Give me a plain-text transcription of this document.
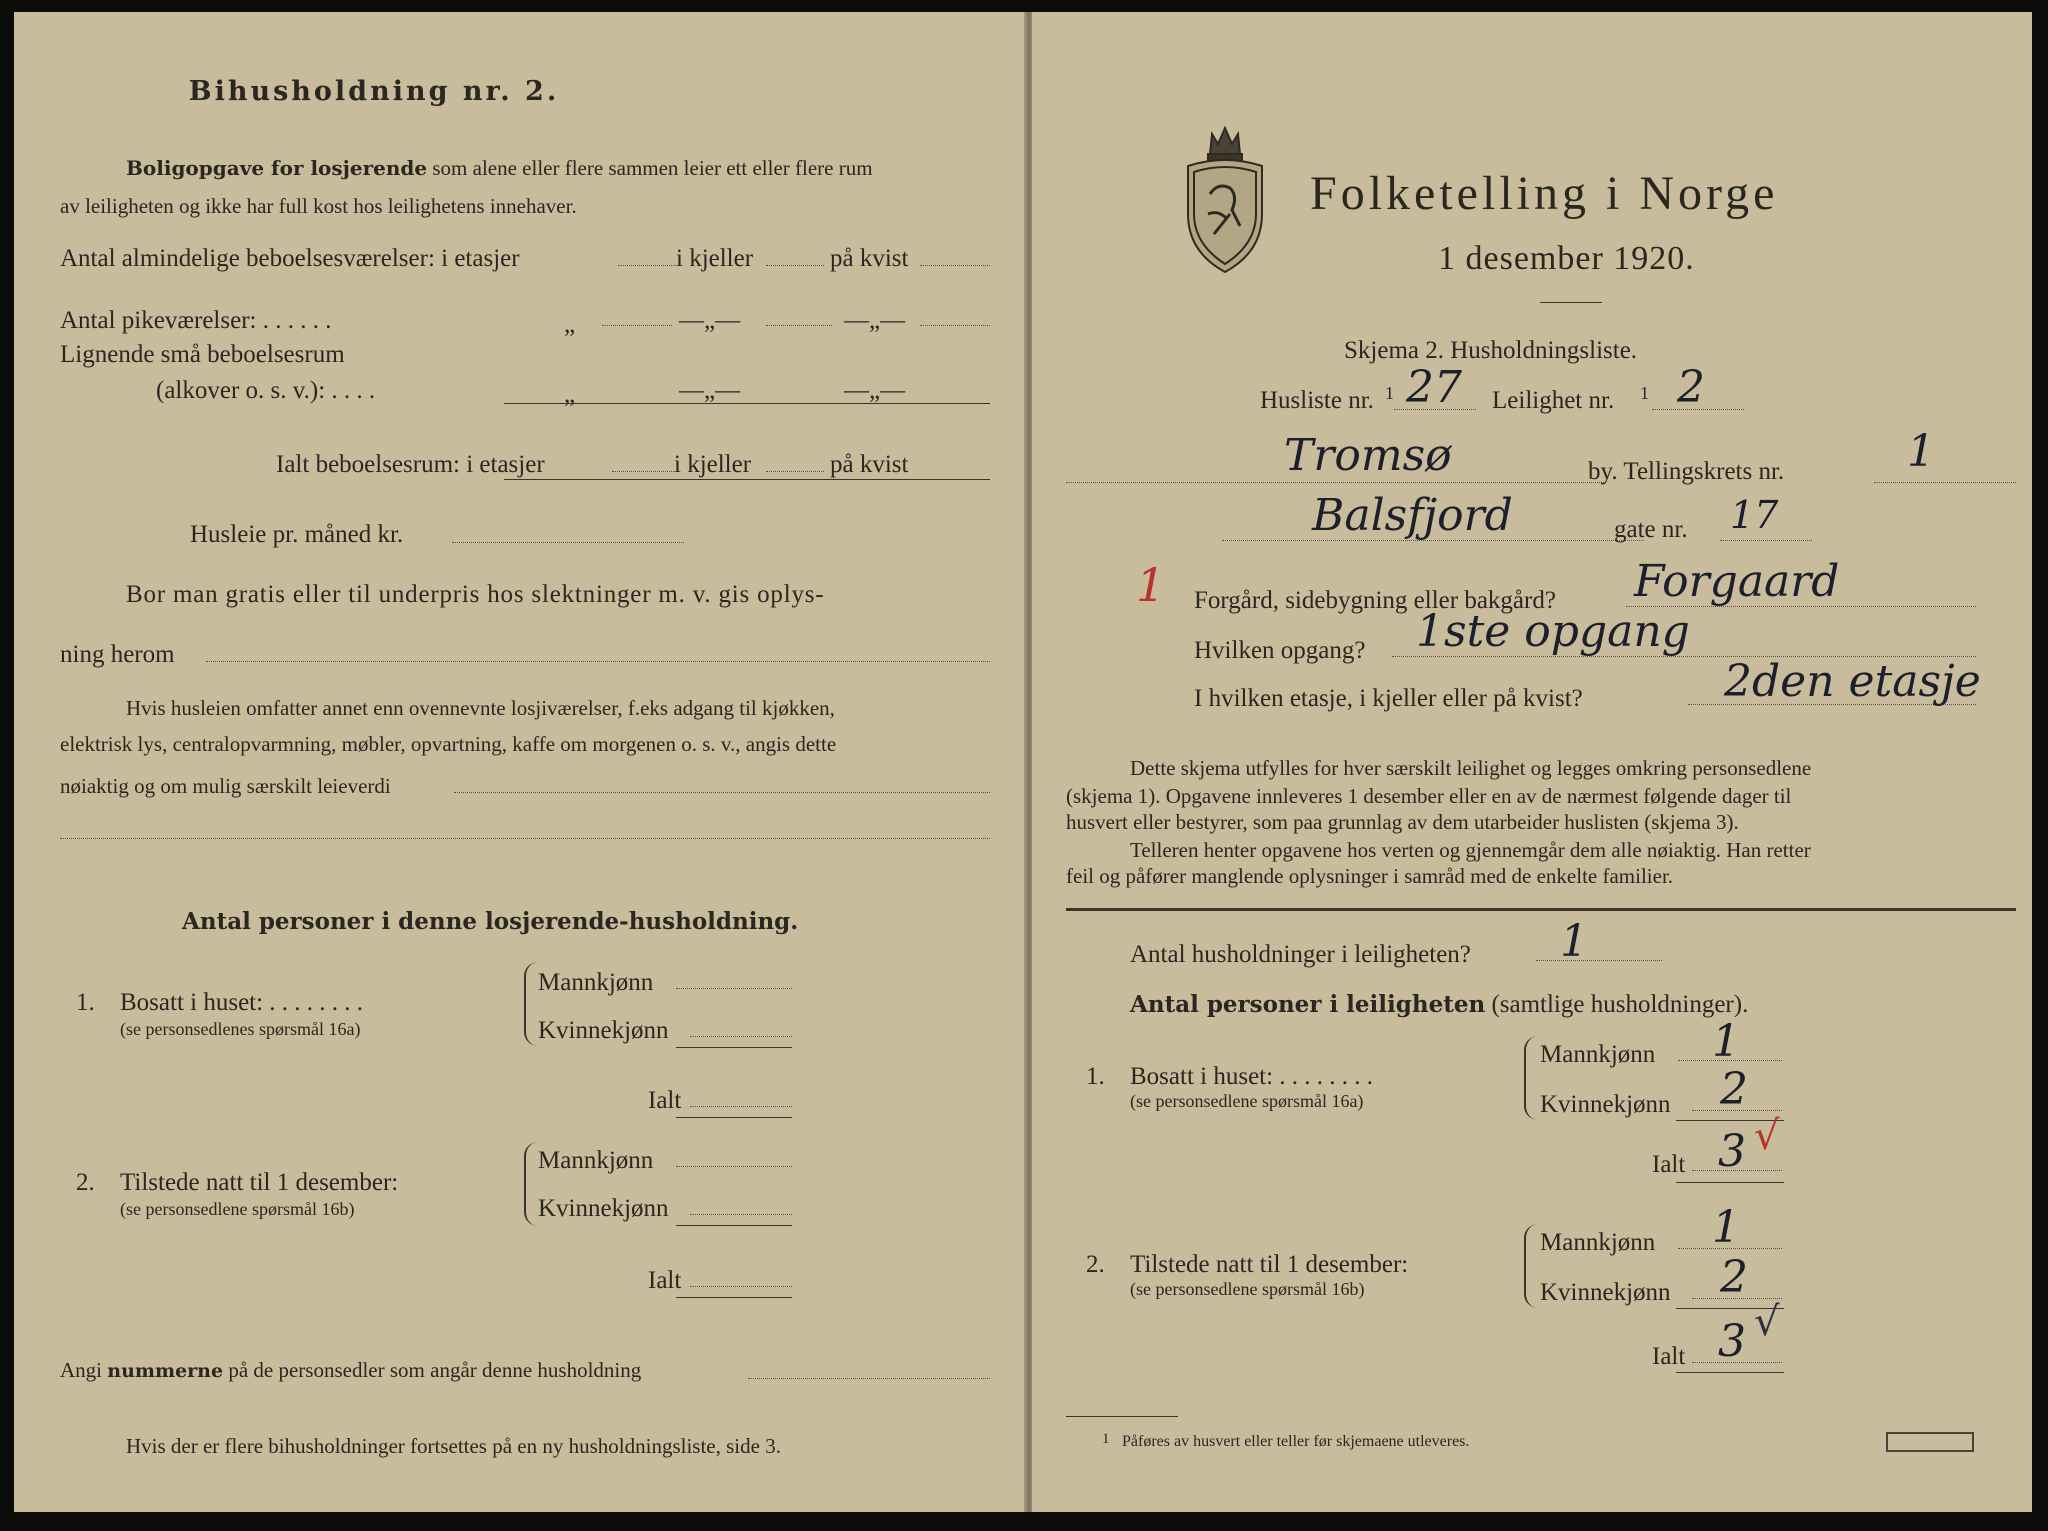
Bihusholdning nr. 2.
Boligopgave for losjerende som alene eller flere sammen leier ett eller flere rum
av leiligheten og ikke har full kost hos leilighetens innehaver.
Antal almindelige beboelsesværelser: i etasjer	i kjeller	på kvist
Antal pikeværelser: . . . . . .	„	—„—	—„—
Lignende små beboelsesrum
(alkover o. s. v.): . . . .	„	—„—	—„—
Ialt beboelsesrum: i etasjer	i kjeller	på kvist
Husleie pr. måned kr.
Bor man gratis eller til underpris hos slektninger m. v. gis oplys-
ning herom
Hvis husleien omfatter annet enn ovennevnte losjiværelser, f.eks adgang til kjøkken,
elektrisk lys, centralopvarmning, møbler, opvartning, kaffe om morgenen o. s. v., angis dette
nøiaktig og om mulig særskilt leieverdi
Antal personer i denne losjerende-husholdning.
1. Bosatt i huset: . . . . . . . .
(se personsedlenes spørsmål 16a)
Mannkjønn
Kvinnekjønn
Ialt
2. Tilstede natt til 1 desember:
(se personsedlene spørsmål 16b)
Mannkjønn
Kvinnekjønn
Ialt
Angi nummerne på de personsedler som angår denne husholdning
Hvis der er flere bihusholdninger fortsettes på en ny husholdningsliste, side 3.
Folketelling i Norge
1 desember 1920.
Skjema 2. Husholdningsliste.
Husliste nr. 1 27 Leilighet nr. 1 2
Tromsø	by. Tellingskrets nr.	1
Balsfjord	gate nr. 17
1 Forgård, sidebygning eller bakgård? Forgaard
Hvilken opgang? 1ste opgang
I hvilken etasje, i kjeller eller på kvist?	2den etasje
Dette skjema utfylles for hver særskilt leilighet og legges omkring personsedlene
(skjema 1). Opgavene innleveres 1 desember eller en av de nærmest følgende dager til
husvert eller bestyrer, som paa grunnlag av dem utarbeider huslisten (skjema 3).
Telleren henter opgavene hos verten og gjennemgår dem alle nøiaktig. Han retter
feil og påfører manglende oplysninger i samråd med de enkelte familier.
Antal husholdninger i leiligheten? 1
Antal personer i leiligheten (samtlige husholdninger).
1. Bosatt i huset: . . . . . . . .
(se personsedlene spørsmål 16a)
Mannkjønn 1
Kvinnekjønn 2
Ialt 3 √
2. Tilstede natt til 1 desember:
(se personsedlene spørsmål 16b)
Mannkjønn 1
Kvinnekjønn 2
Ialt 3 √
1 Påføres av husvert eller teller før skjemaene utleveres.
